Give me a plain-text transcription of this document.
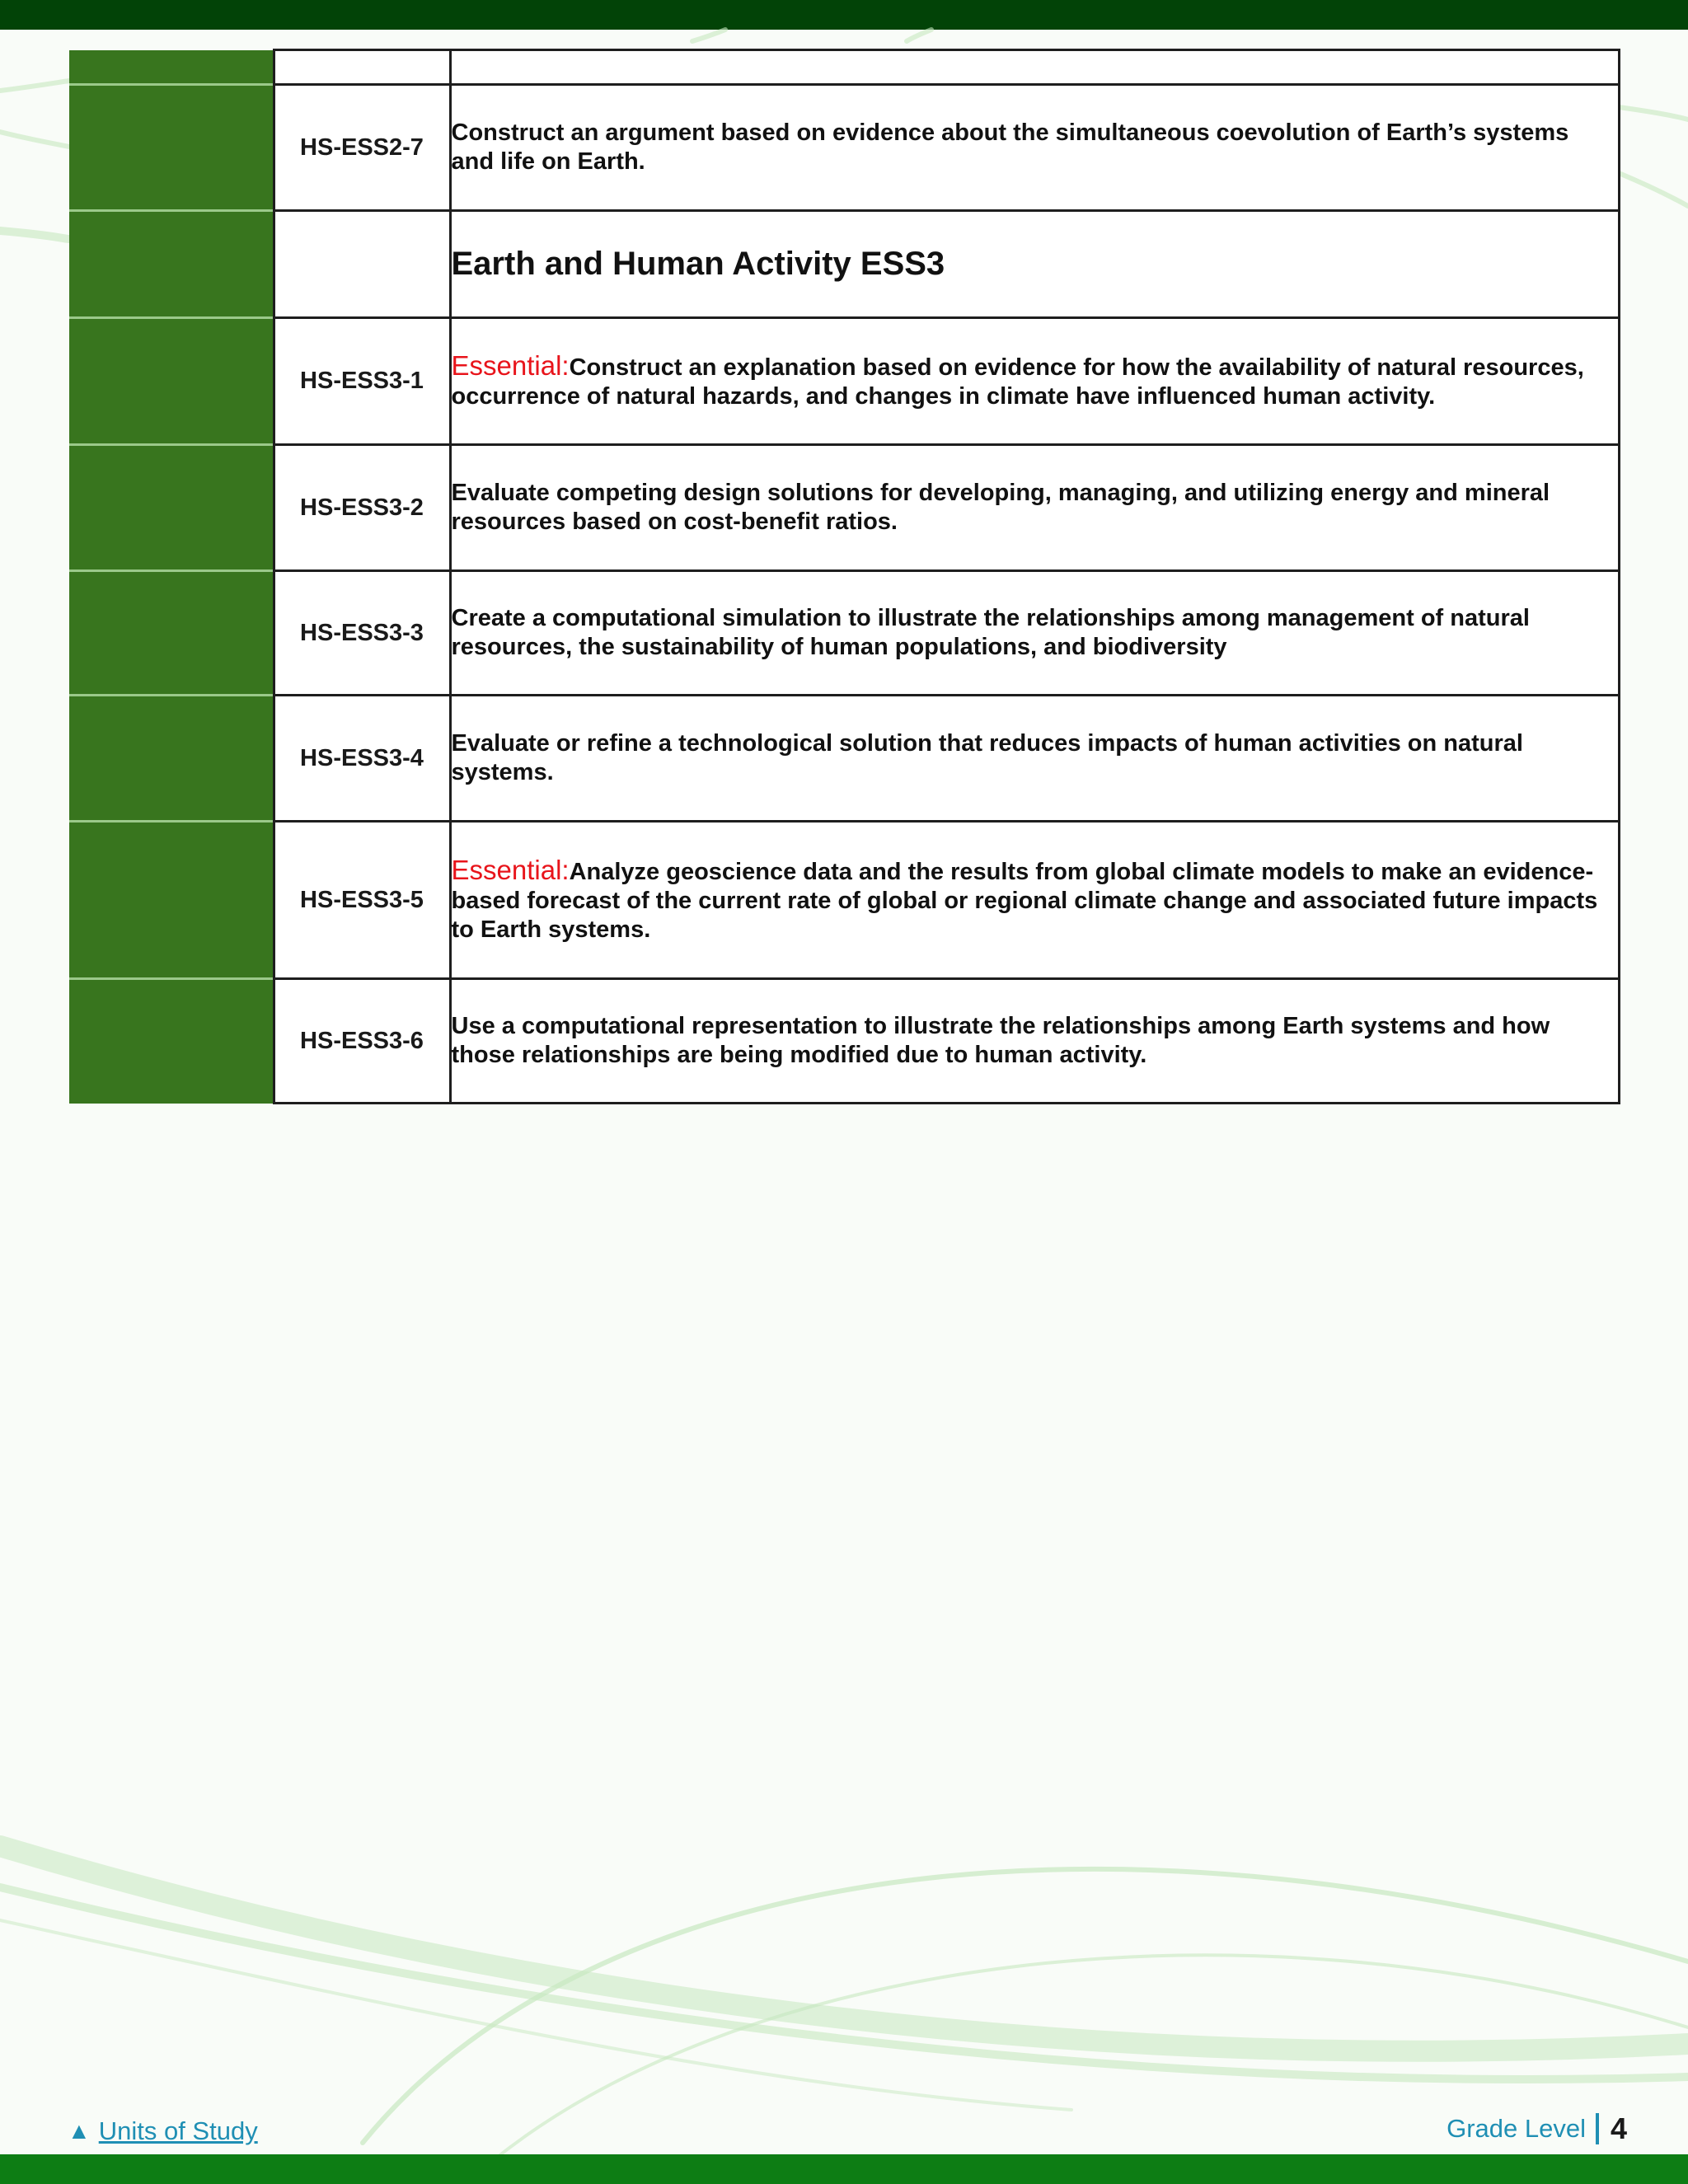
	HS-ESS2-7	Construct an argument based on evidence about the simultaneous coevolution of Earth’s systems and life on Earth.
		Earth and Human Activity ESS3
	HS-ESS3-1	Essential:Construct an explanation based on evidence for how the availability of natural resources, occurrence of natural hazards, and changes in climate have influenced human activity.
	HS-ESS3-2	Evaluate competing design solutions for developing, managing, and utilizing energy and mineral resources based on cost-benefit ratios.
	HS-ESS3-3	Create a computational simulation to illustrate the relationships among management of natural resources, the sustainability of human populations, and biodiversity
	HS-ESS3-4	Evaluate or refine a technological solution that reduces impacts of human activities on natural systems.
	HS-ESS3-5	Essential:Analyze geoscience data and the results from global climate models to make an evidence-based forecast of the current rate of global or regional climate change and associated future impacts to Earth systems.
	HS-ESS3-6	Use a computational representation to illustrate the relationships among Earth systems and how those relationships are being modified due to human activity.
▲ Units of Study	Grade Level 4
